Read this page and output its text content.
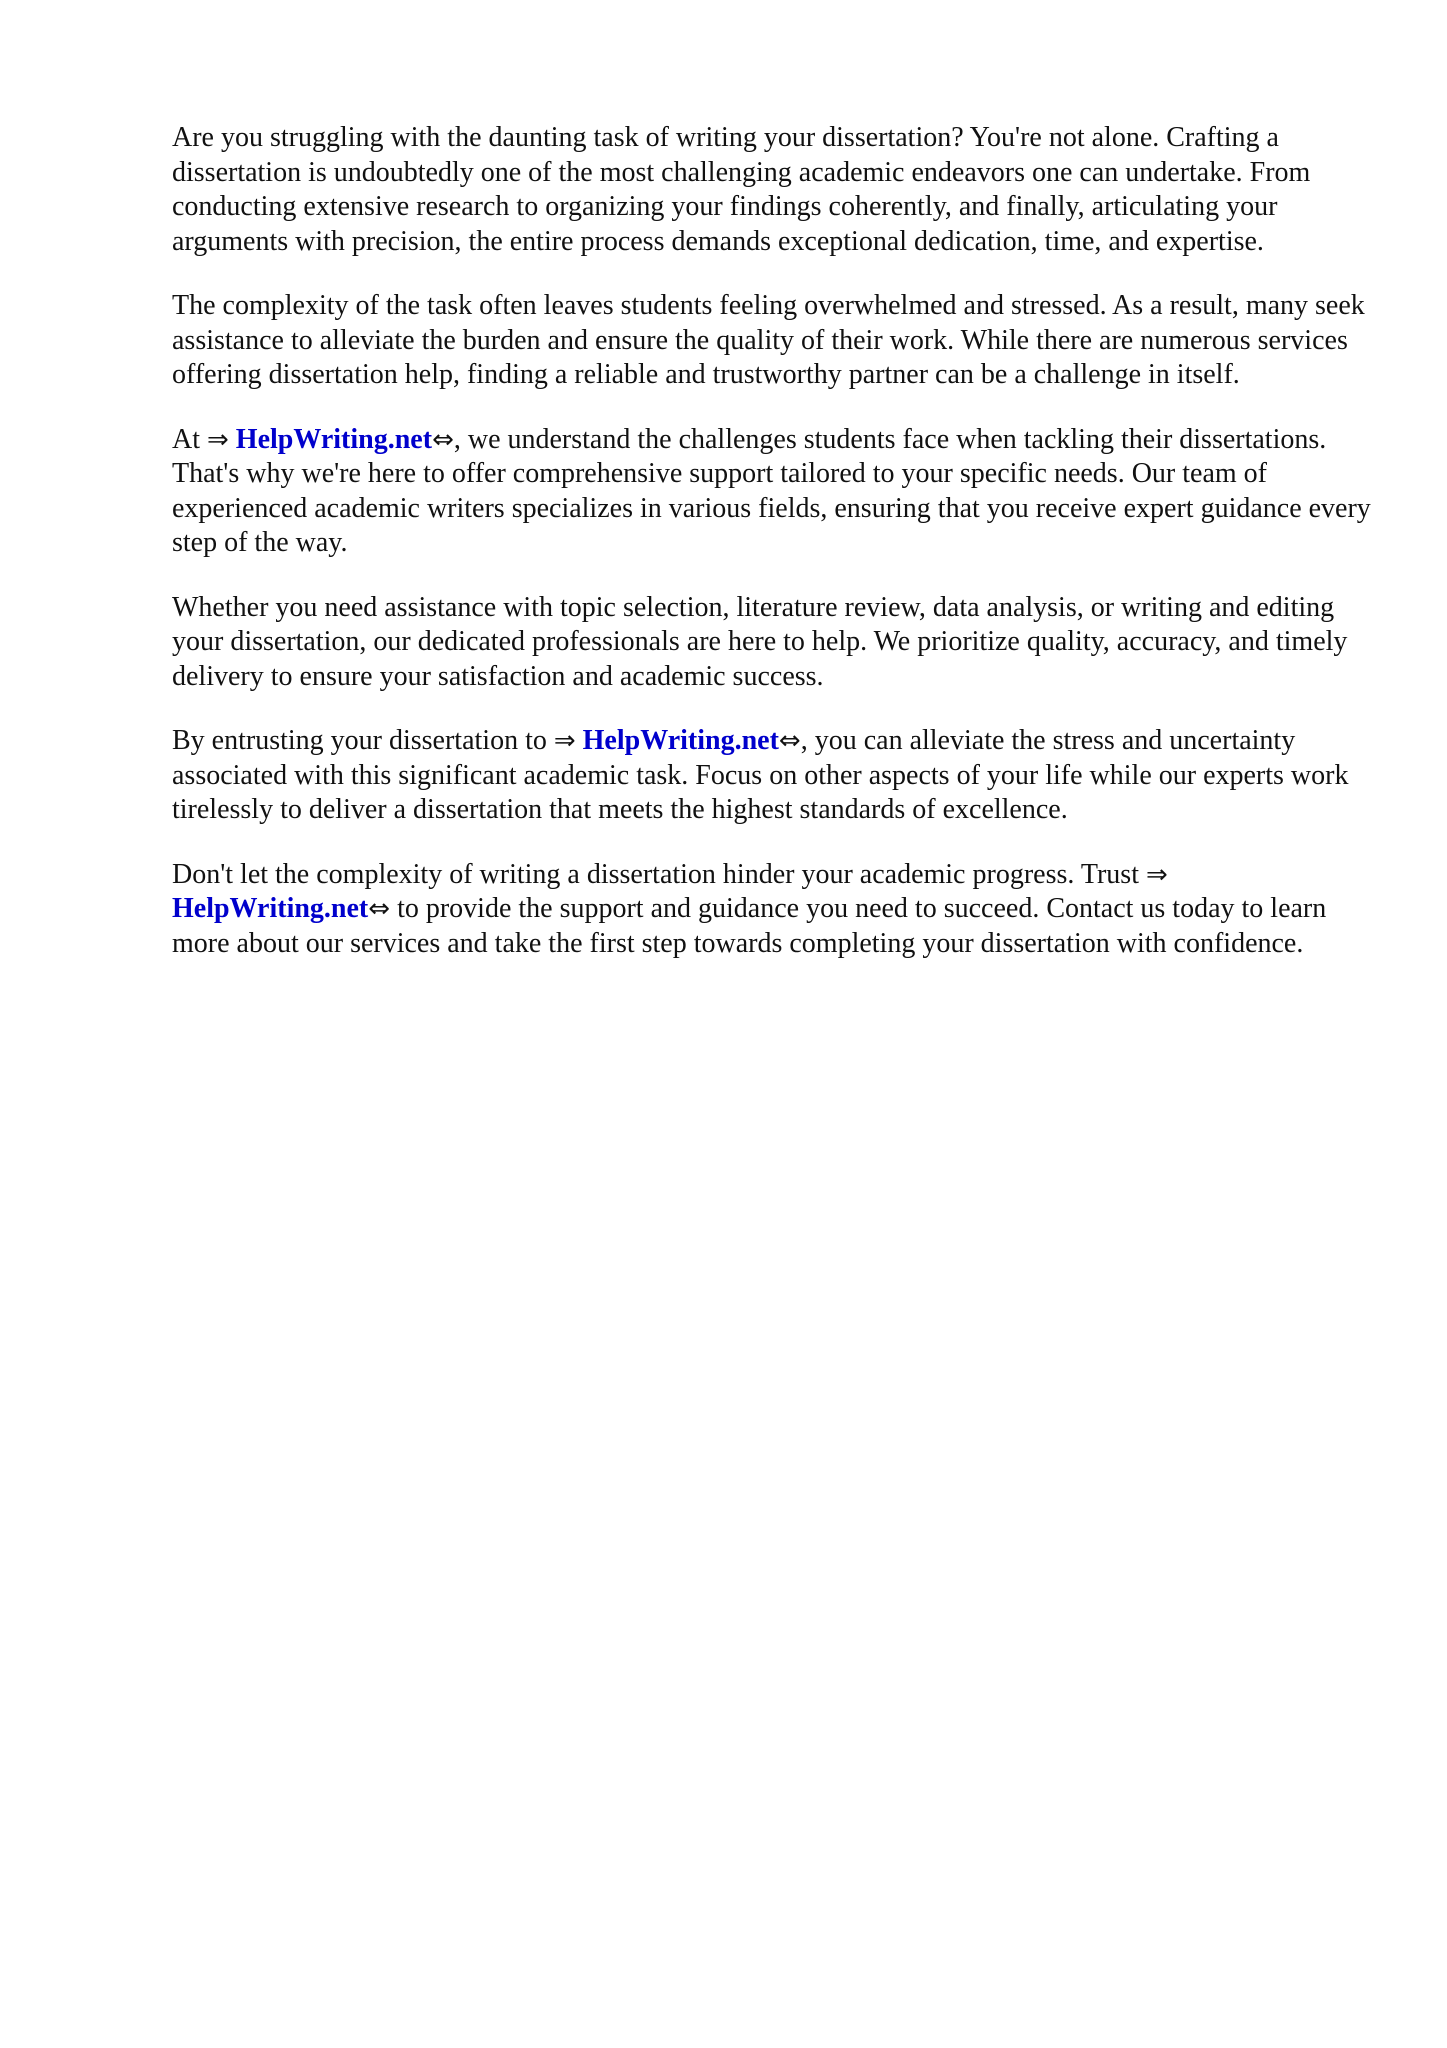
Are you struggling with the daunting task of writing your dissertation? You're not alone. Crafting a dissertation is undoubtedly one of the most challenging academic endeavors one can undertake. From conducting extensive research to organizing your findings coherently, and finally, articulating your arguments with precision, the entire process demands exceptional dedication, time, and expertise.

The complexity of the task often leaves students feeling overwhelmed and stressed. As a result, many seek assistance to alleviate the burden and ensure the quality of their work. While there are numerous services offering dissertation help, finding a reliable and trustworthy partner can be a challenge in itself.

At ⇒ HelpWriting.net⇔, we understand the challenges students face when tackling their dissertations. That's why we're here to offer comprehensive support tailored to your specific needs. Our team of experienced academic writers specializes in various fields, ensuring that you receive expert guidance every step of the way.

Whether you need assistance with topic selection, literature review, data analysis, or writing and editing your dissertation, our dedicated professionals are here to help. We prioritize quality, accuracy, and timely delivery to ensure your satisfaction and academic success.

By entrusting your dissertation to ⇒ HelpWriting.net⇔, you can alleviate the stress and uncertainty associated with this significant academic task. Focus on other aspects of your life while our experts work tirelessly to deliver a dissertation that meets the highest standards of excellence.

Don't let the complexity of writing a dissertation hinder your academic progress. Trust ⇒ HelpWriting.net⇔ to provide the support and guidance you need to succeed. Contact us today to learn more about our services and take the first step towards completing your dissertation with confidence.
